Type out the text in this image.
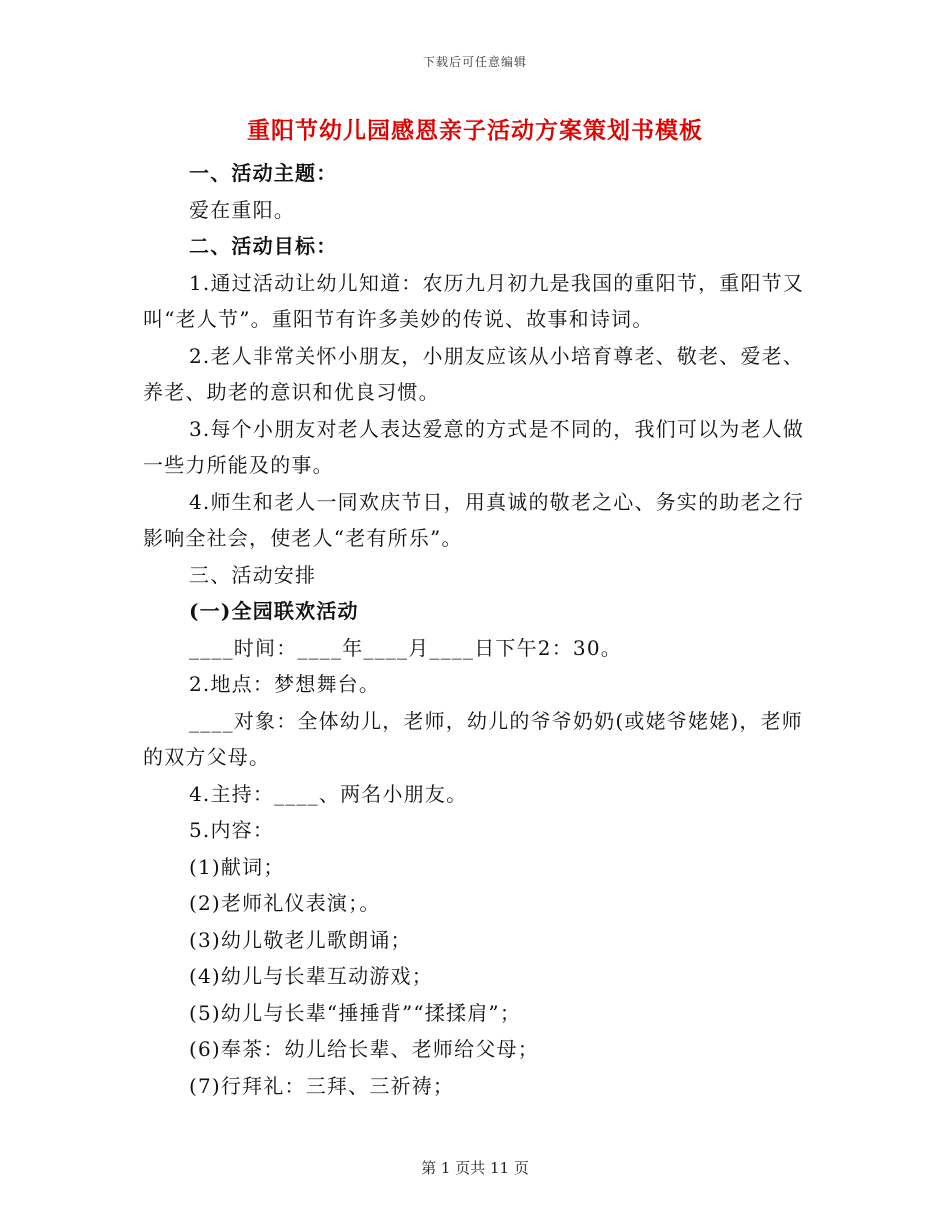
下载后可任意编辑
重阳节幼儿园感恩亲子活动方案策划书模板

一、活动主题：

爱在重阳。

二、活动目标：

1.通过活动让幼儿知道：农历九月初九是我国的重阳节，重阳节又叫“老人节”。重阳节有许多美妙的传说、故事和诗词。

2.老人非常关怀小朋友，小朋友应该从小培育尊老、敬老、爱老、养老、助老的意识和优良习惯。

3.每个小朋友对老人表达爱意的方式是不同的，我们可以为老人做一些力所能及的事。

4.师生和老人一同欢庆节日，用真诚的敬老之心、务实的助老之行影响全社会，使老人“老有所乐”。

三、活动安排

(一)全园联欢活动

____时间：____年____月____日下午2：30。

2.地点：梦想舞台。

____对象：全体幼儿，老师，幼儿的爷爷奶奶(或姥爷姥姥)，老师的双方父母。

4.主持：____、两名小朋友。

5.内容：

(1)献词；

(2)老师礼仪表演；。

(3)幼儿敬老儿歌朗诵；

(4)幼儿与长辈互动游戏；

(5)幼儿与长辈“捶捶背”“揉揉肩”；

(6)奉茶：幼儿给长辈、老师给父母；

(7)行拜礼：三拜、三祈祷；

第 1 页共 11 页
